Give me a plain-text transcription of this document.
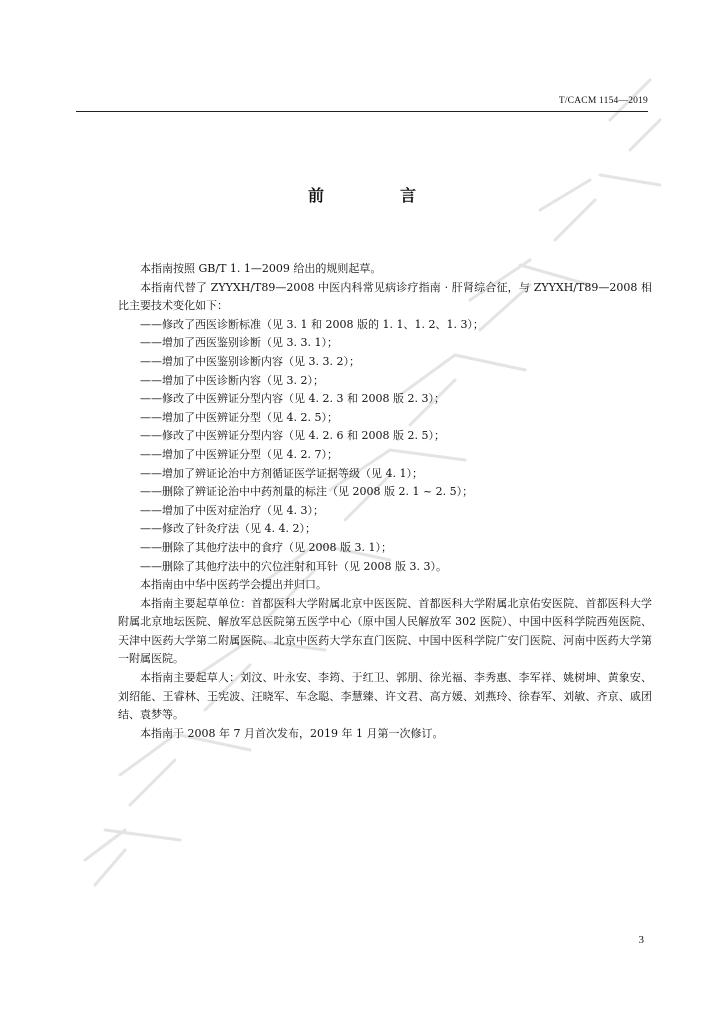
T/CACM 1154—2019
前　言

本指南按照 GB/T 1. 1—2009 给出的规则起草。

本指南代替了 ZYYXH/T89—2008 中医内科常见病诊疗指南 · 肝肾综合征，与 ZYYXH/T89—2008 相比主要技术变化如下：

——修改了西医诊断标准（见 3. 1 和 2008 版的 1. 1、1. 2、1. 3）；

——增加了西医鉴别诊断（见 3. 3. 1）；

——增加了中医鉴别诊断内容（见 3. 3. 2）；

——增加了中医诊断内容（见 3. 2）；

——修改了中医辨证分型内容（见 4. 2. 3 和 2008 版 2. 3）；

——增加了中医辨证分型（见 4. 2. 5）；

——修改了中医辨证分型内容（见 4. 2. 6 和 2008 版 2. 5）；

——增加了中医辨证分型（见 4. 2. 7）；

——增加了辨证论治中方剂循证医学证据等级（见 4. 1）；

——删除了辨证论治中中药剂量的标注（见 2008 版 2. 1 ~ 2. 5）；

——增加了中医对症治疗（见 4. 3）；

——修改了针灸疗法（见 4. 4. 2）；

——删除了其他疗法中的食疗（见 2008 版 3. 1）；

——删除了其他疗法中的穴位注射和耳针（见 2008 版 3. 3）。

本指南由中华中医药学会提出并归口。

本指南主要起草单位：首都医科大学附属北京中医医院、首都医科大学附属北京佑安医院、首都医科大学附属北京地坛医院、解放军总医院第五医学中心（原中国人民解放军 302 医院）、中国中医科学院西苑医院、天津中医药大学第二附属医院、北京中医药大学东直门医院、中国中医科学院广安门医院、河南中医药大学第一附属医院。

本指南主要起草人：刘汶、叶永安、李筠、于红卫、郭朋、徐光福、李秀惠、李军祥、姚树坤、黄象安、刘绍能、王睿林、王宪波、汪晓军、车念聪、李慧臻、许文君、高方媛、刘燕玲、徐春军、刘敏、齐京、戚团结、袁梦等。

本指南于 2008 年 7 月首次发布，2019 年 1 月第一次修订。

3
